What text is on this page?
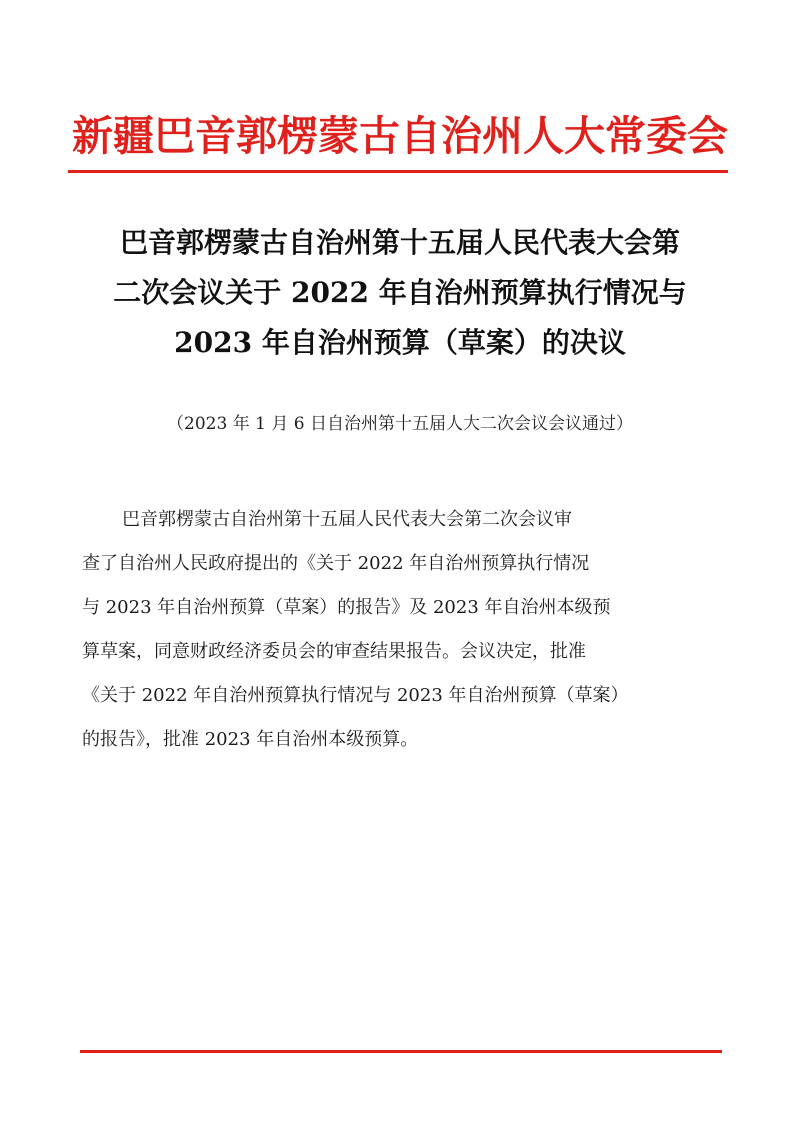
新疆巴音郭楞蒙古自治州人大常委会
巴音郭楞蒙古自治州第十五届人民代表大会第
二次会议关于 2022 年自治州预算执行情况与
2023 年自治州预算（草案）的决议
（2023 年 1 月 6 日自治州第十五届人大二次会议会议通过）
巴音郭楞蒙古自治州第十五届人民代表大会第二次会议审
查了自治州人民政府提出的《关于 2022 年自治州预算执行情况
与 2023 年自治州预算（草案）的报告》及 2023 年自治州本级预
算草案，同意财政经济委员会的审查结果报告。会议决定，批准
《关于 2022 年自治州预算执行情况与 2023 年自治州预算（草案）
的报告》，批准 2023 年自治州本级预算。
